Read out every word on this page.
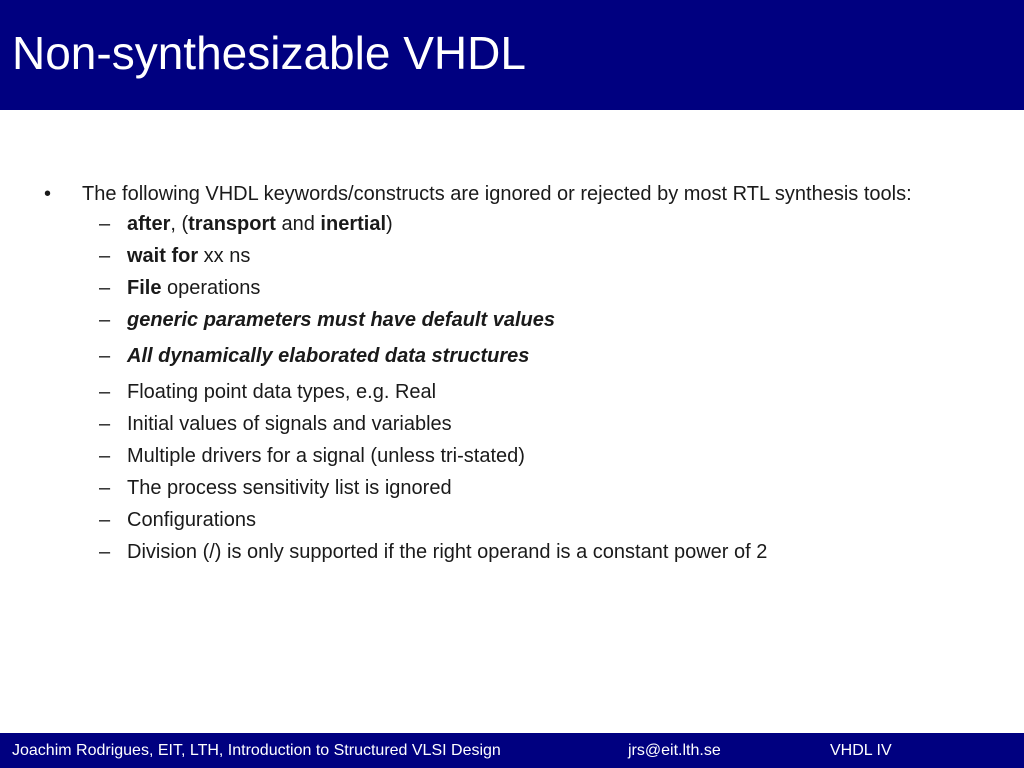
Non-synthesizable VHDL
• The following VHDL keywords/constructs are ignored or rejected by most RTL synthesis tools:
– after, (transport and inertial)
– wait for xx ns
– File operations
– generic parameters must have default values
– All dynamically elaborated data structures
– Floating point data types, e.g. Real
– Initial values of signals and variables
– Multiple drivers for a signal (unless tri-stated)
– The process sensitivity list is ignored
– Configurations
– Division (/) is only supported if the right operand is a constant power of 2
Joachim Rodrigues, EIT, LTH, Introduction to Structured VLSI Design	jrs@eit.lth.se	VHDL IV
